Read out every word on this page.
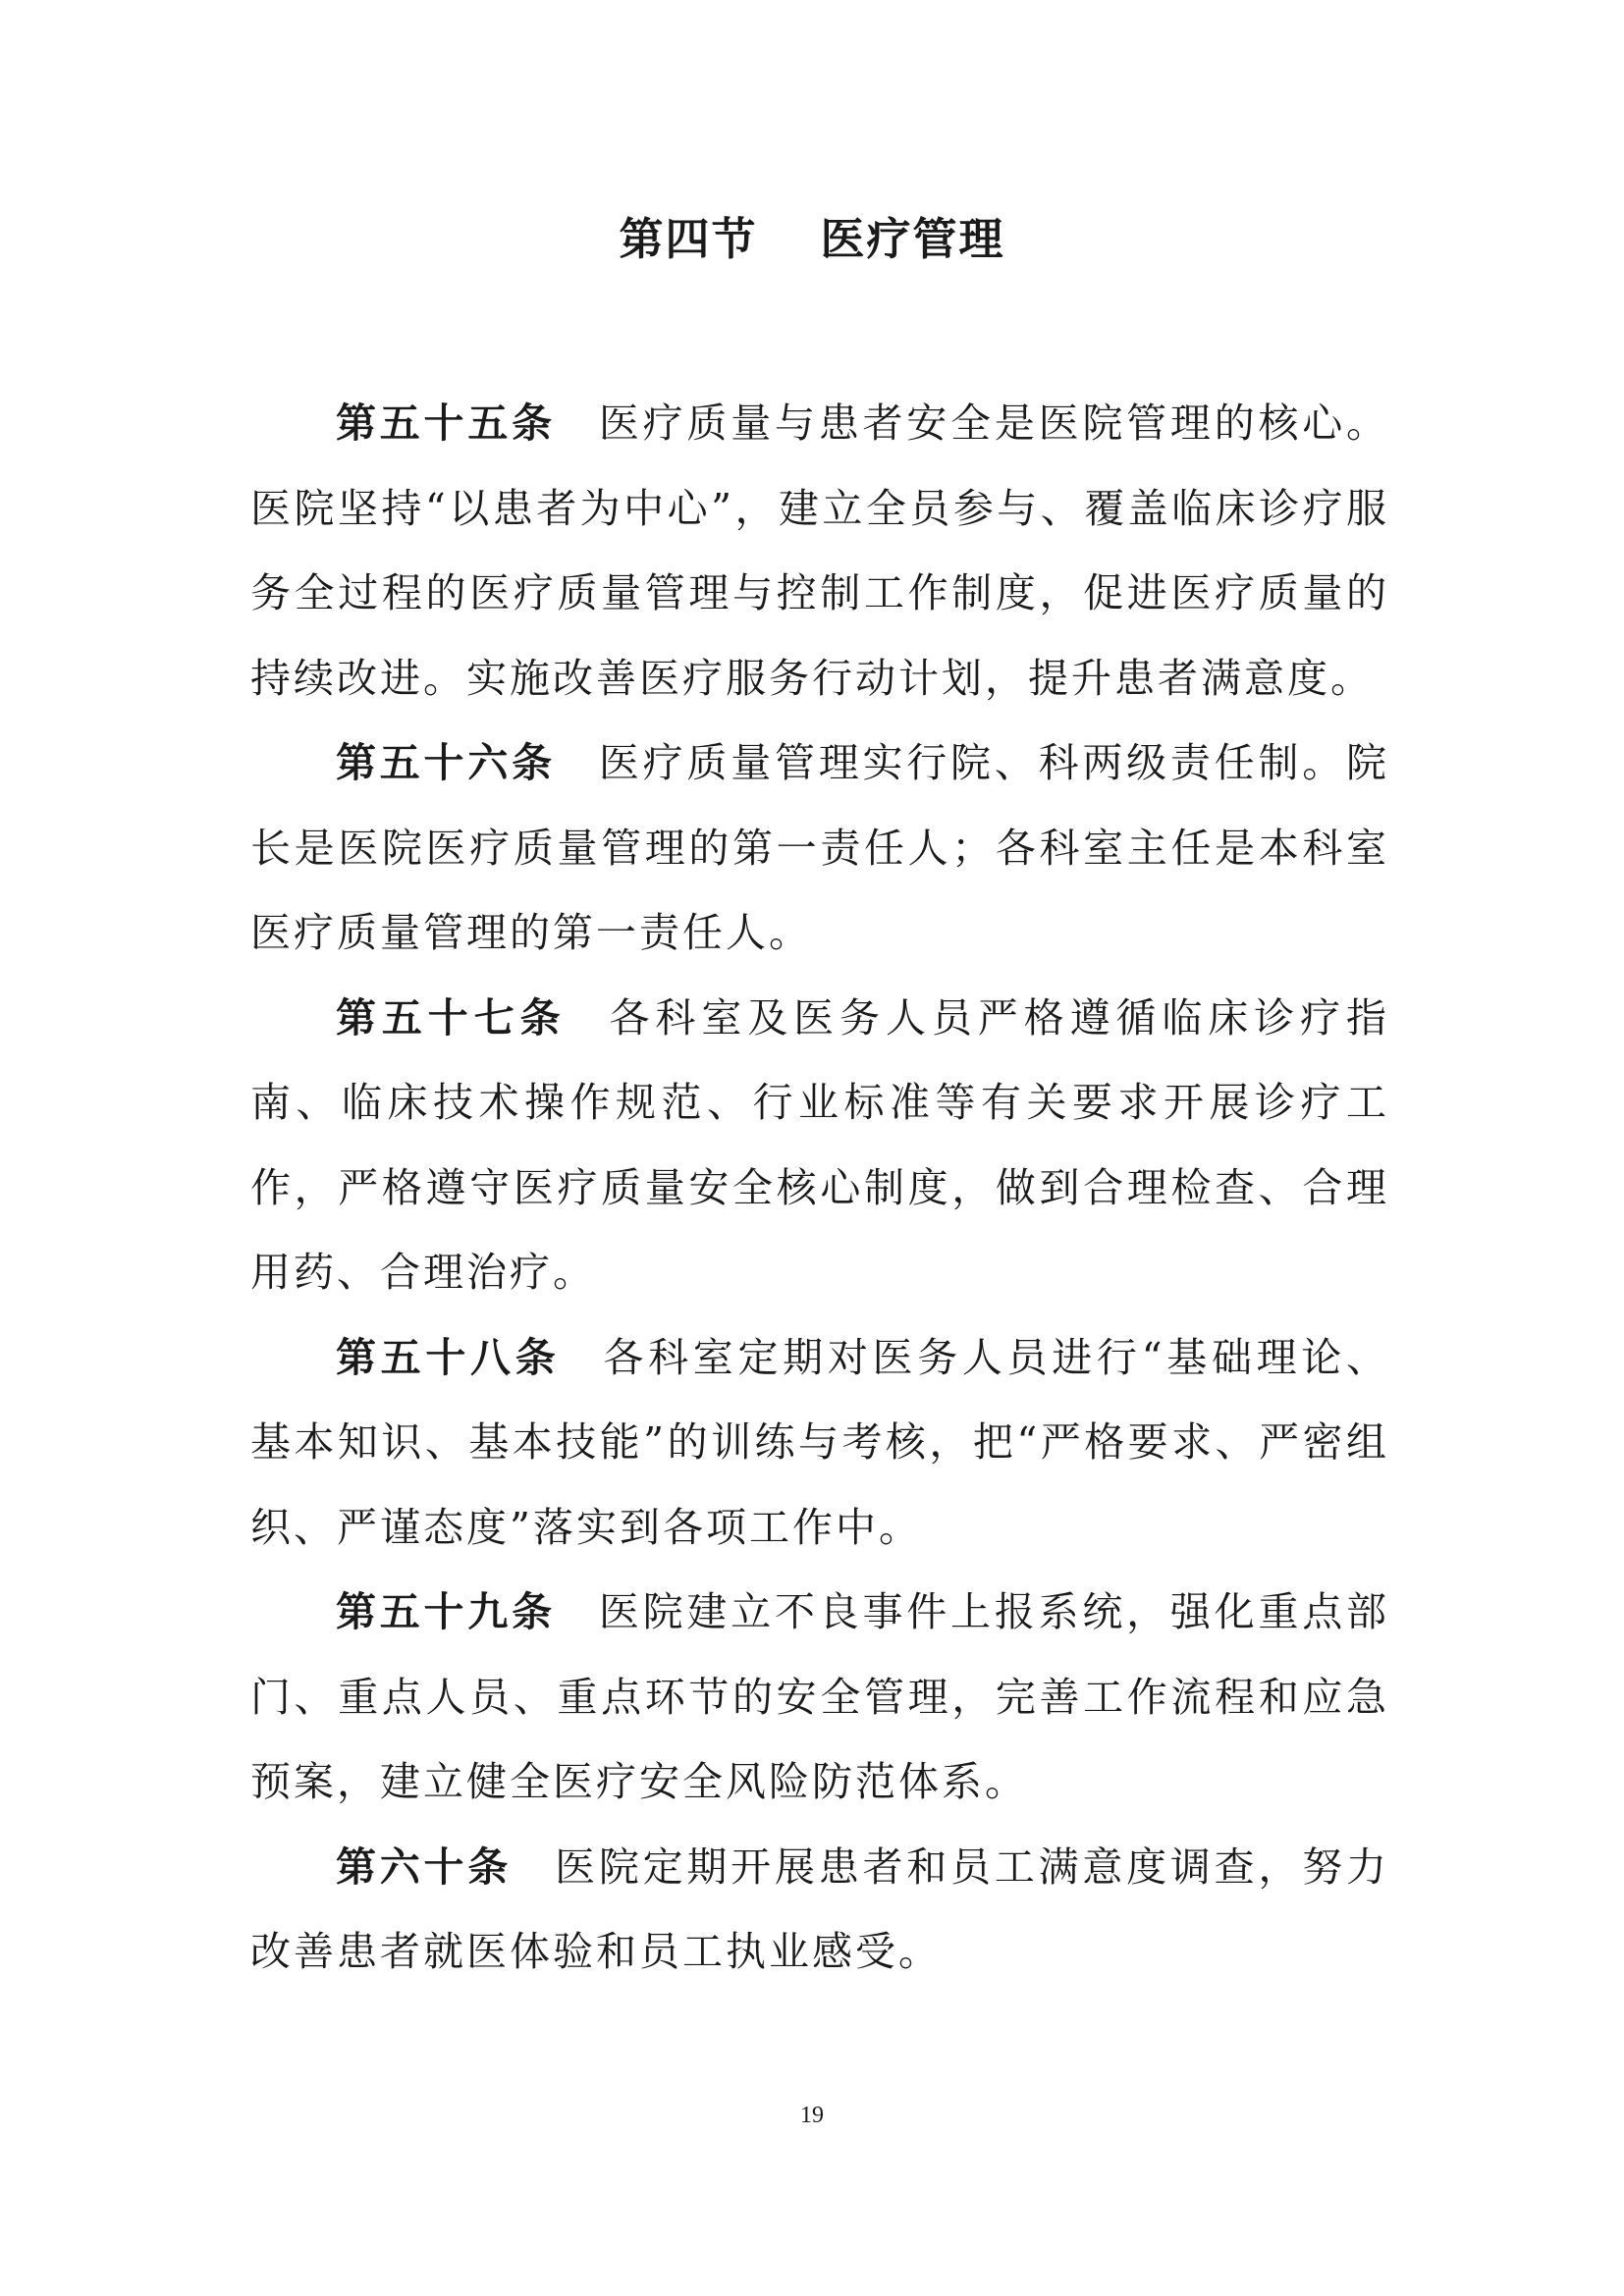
第四节 医疗管理

第五十五条 医疗质量与患者安全是医院管理的核心。医院坚持“以患者为中心”，建立全员参与、覆盖临床诊疗服务全过程的医疗质量管理与控制工作制度，促进医疗质量的持续改进。实施改善医疗服务行动计划，提升患者满意度。

第五十六条 医疗质量管理实行院、科两级责任制。院长是医院医疗质量管理的第一责任人；各科室主任是本科室医疗质量管理的第一责任人。

第五十七条 各科室及医务人员严格遵循临床诊疗指南、临床技术操作规范、行业标准等有关要求开展诊疗工作，严格遵守医疗质量安全核心制度，做到合理检查、合理用药、合理治疗。

第五十八条 各科室定期对医务人员进行“基础理论、基本知识、基本技能”的训练与考核，把“严格要求、严密组织、严谨态度”落实到各项工作中。

第五十九条 医院建立不良事件上报系统，强化重点部门、重点人员、重点环节的安全管理，完善工作流程和应急预案，建立健全医疗安全风险防范体系。

第六十条 医院定期开展患者和员工满意度调查，努力改善患者就医体验和员工执业感受。

19
